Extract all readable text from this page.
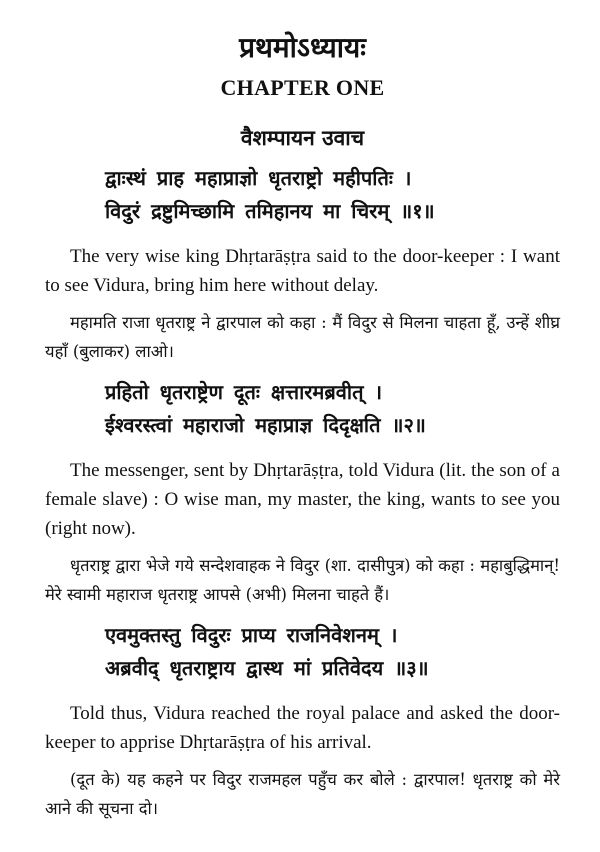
प्रथमोऽध्यायः
CHAPTER ONE
वैशम्पायन उवाच
द्वाःस्थं प्राह महाप्राज्ञो धृतराष्ट्रो महीपतिः ।
विदुरं द्रष्टुमिच्छामि तमिहानय मा चिरम् ॥१॥

The very wise king Dhṛtarāṣṭra said to the door-keeper : I want to see Vidura, bring him here without delay.

महामति राजा धृतराष्ट्र ने द्वारपाल को कहा : मैं विदुर से मिलना चाहता हूँ, उन्हें शीघ्र यहाँ (बुलाकर) लाओ।

प्रहितो धृतराष्ट्रेण दूतः क्षत्तारमब्रवीत् ।
ईश्वरस्त्वां महाराजो महाप्राज्ञ दिदृक्षति ॥२॥

The messenger, sent by Dhṛtarāṣṭra, told Vidura (lit. the son of a female slave) : O wise man, my master, the king, wants to see you (right now).

धृतराष्ट्र द्वारा भेजे गये सन्देशवाहक ने विदुर (शा. दासीपुत्र) को कहा : महाबुद्धिमान्! मेरे स्वामी महाराज धृतराष्ट्र आपसे (अभी) मिलना चाहते हैं।

एवमुक्तस्तु विदुरः प्राप्य राजनिवेशनम् ।
अब्रवीद् धृतराष्ट्राय द्वास्थ मां प्रतिवेदय ॥३॥

Told thus, Vidura reached the royal palace and asked the door-keeper to apprise Dhṛtarāṣṭra of his arrival.

(दूत के) यह कहने पर विदुर राजमहल पहुँच कर बोले : द्वारपाल! धृतराष्ट्र को मेरे आने की सूचना दो।
